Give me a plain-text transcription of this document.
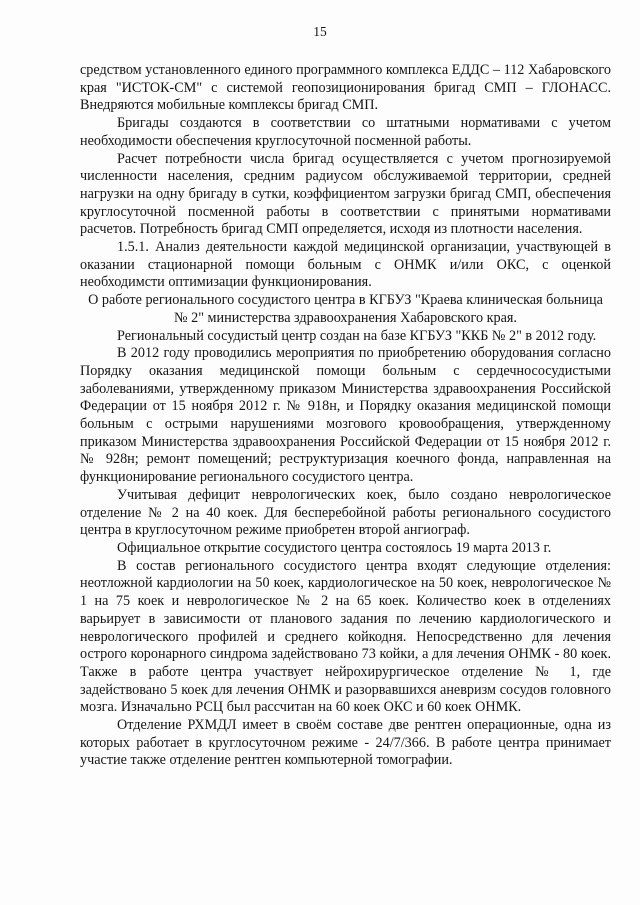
15

средством установленного единого программного комплекса ЕДДС – 112 Хабаровского края "ИСТОК-СМ" с системой геопозиционирования бригад СМП – ГЛОНАСС. Внедряются мобильные комплексы бригад СМП.

Бригады создаются в соответствии со штатными нормативами с учетом необходимости обеспечения круглосуточной посменной работы.

Расчет потребности числа бригад осуществляется с учетом прогнозируемой численности населения, средним радиусом обслуживаемой территории, средней нагрузки на одну бригаду в сутки, коэффициентом загрузки бригад СМП, обеспечения круглосуточной посменной работы в соответствии с принятыми нормативами расчетов. Потребность бригад СМП определяется, исходя из плотности населения.

1.5.1. Анализ деятельности каждой медицинской организации, участвующей в оказании стационарной помощи больным с ОНМК и/или ОКС, с оценкой необходимсти оптимизации функционирования.

О работе регионального сосудистого центра в КГБУЗ "Краева клиническая больница № 2" министерства здравоохранения Хабаровского края.

Региональный сосудистый центр создан на базе КГБУЗ "ККБ № 2" в 2012 году.

В 2012 году проводились мероприятия по приобретению оборудования согласно Порядку оказания медицинской помощи больным с сердечнососудистыми заболеваниями, утвержденному приказом Министерства здравоохранения Российской Федерации от 15 ноября 2012 г. № 918н, и Порядку оказания медицинской помощи больным с острыми нарушениями мозгового кровообращения, утвержденному приказом Министерства здравоохранения Российской Федерации от 15 ноября 2012 г. № 928н; ремонт помещений; реструктуризация коечного фонда, направленная на функционирование регионального сосудистого центра.

Учитывая дефицит неврологических коек, было создано неврологическое отделение № 2 на 40 коек. Для бесперебойной работы регионального сосудистого центра в круглосуточном режиме приобретен второй ангиограф.

Официальное открытие сосудистого центра состоялось 19 марта 2013 г.

В состав регионального сосудистого центра входят следующие отделения: неотложной кардиологии на 50 коек, кардиологическое на 50 коек, неврологическое № 1 на 75 коек и неврологическое № 2 на 65 коек. Количество коек в отделениях варьирует в зависимости от планового задания по лечению кардиологического и неврологического профилей и среднего койкодня. Непосредственно для лечения острого коронарного синдрома задействовано 73 койки, а для лечения ОНМК - 80 коек. Также в работе центра участвует нейрохирургическое отделение № 1, где задействовано 5 коек для лечения ОНМК и разорвавшихся аневризм сосудов головного мозга. Изначально РСЦ был рассчитан на 60 коек ОКС и 60 коек ОНМК.

Отделение РХМДЛ имеет в своём составе две рентген операционные, одна из которых работает в круглосуточном режиме - 24/7/366. В работе центра принимает участие также отделение рентген компьютерной томографии.
